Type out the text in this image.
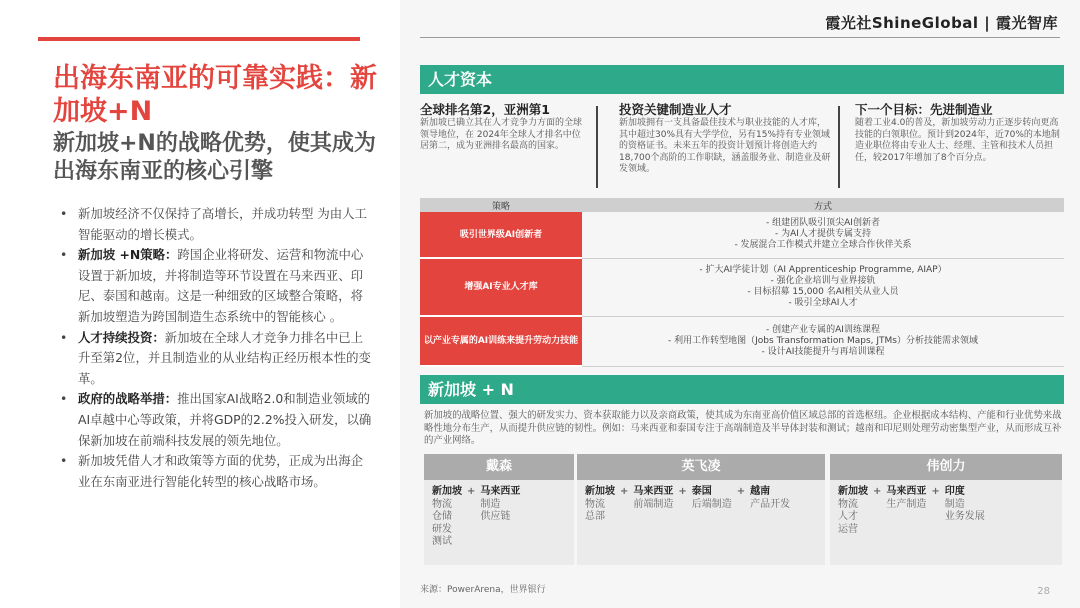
霞光社ShineGlobal | 霞光智库
出海东南亚的可靠实践：新加坡+N
新加坡+N的战略优势，使其成为出海东南亚的核心引擎
• 新加坡经济不仅保持了高增长，并成功转型 为由人工智能驱动的增长模式。
• 新加坡 +N策略：跨国企业将研发、运营和物流中心设置于新加坡，并将制造等环节设置在马来西亚、印尼、泰国和越南。这是一种细致的区域整合策略，将新加坡塑造为跨国制造生态系统中的智能核心 。
• 人才持续投资：新加坡在全球人才竞争力排名中已上升至第2位，并且制造业的从业结构正经历根本性的变革。
• 政府的战略举措：推出国家AI战略2.0和制造业领域的AI卓越中心等政策，并将GDP的2.2%投入研发，以确保新加坡在前端科技发展的领先地位。
• 新加坡凭借人才和政策等方面的优势，正成为出海企业在东南亚进行智能化转型的核心战略市场。
人才资本
全球排名第2，亚洲第1

新加坡已确立其在人才竞争力方面的全球领导地位，在 2024年全球人才排名中位居第二，成为亚洲排名最高的国家。

投资关键制造业人才

新加坡拥有一支具备最佳技术与职业技能的人才库，其中超过30%具有大学学位，另有15%持有专业领域的资格证书。未来五年的投资计划预计将创造大约18,700个高阶的工作职缺，涵盖服务业、制造业及研发领域。

下一个目标：先进制造业

随着工业4.0的普及，新加坡劳动力正逐步转向更高技能的白领职位。预计到2024年，近70%的本地制造业职位将由专业人士、经理、主管和技术人员担任，较2017年增加了8个百分点。

策略	方式
吸引世界级AI创新者	- 组建团队吸引顶尖AI创新者
- 为AI人才提供专属支持
- 发展混合工作模式并建立全球合作伙伴关系

增强AI专业人才库	- 扩大AI学徒计划（AI Apprenticeship Programme, AIAP）
- 强化企业培训与业界接轨
- 目标招募 15,000 名AI相关从业人员
- 吸引全球AI人才

以产业专属的AI训练来提升劳动力技能	- 创建产业专属的AI训练课程
- 利用工作转型地图（Jobs Transformation Maps, JTMs）分析技能需求领域
- 设计AI技能提升与再培训课程
新加坡 + N

新加坡的战略位置、强大的研发实力、资本获取能力以及亲商政策，使其成为东南亚高价值区域总部的首选枢纽。企业根据成本结构、产能和行业优势来战略性地分布生产，从而提升供应链的韧性。例如：马来西亚和泰国专注于高端制造及半导体封装和测试；越南和印尼则处理劳动密集型产业，从而形成互补的产业网络。

戴森
新加坡
物流
仓储
研发
测试
+ 马来西亚
制造
供应链
英飞凌
新加坡
物流
总部
+ 马来西亚
前端制造
+ 泰国
后端制造
+ 越南
产品开发
伟创力
新加坡
物流
人才
运营
+ 马来西亚
生产制造
+ 印度
制造
业务发展
来源：PowerArena，世界银行	28
